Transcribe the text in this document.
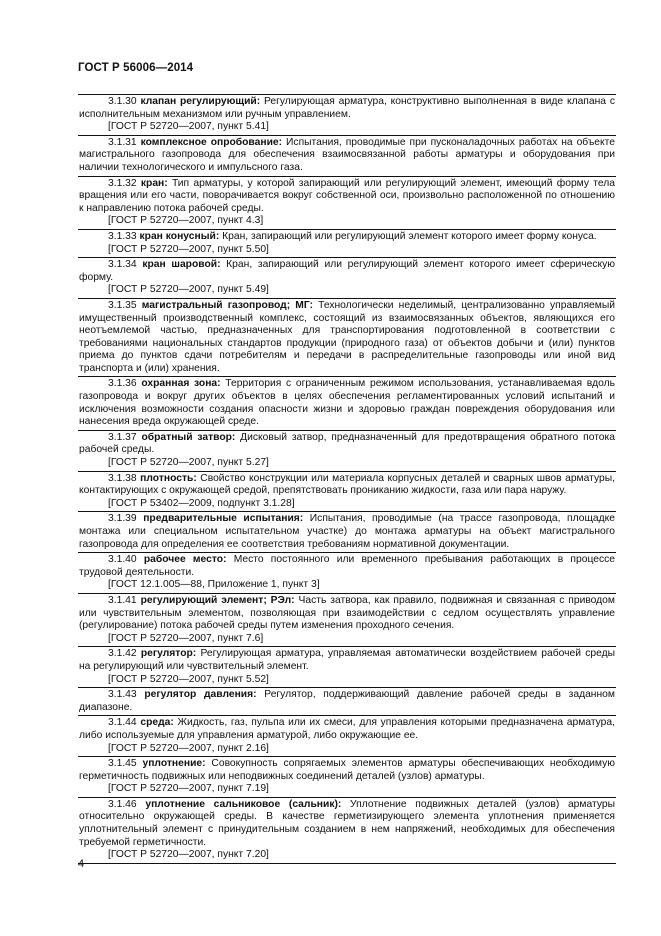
ГОСТ Р 56006—2014

3.1.30 клапан регулирующий: Регулирующая арматура, конструктивно выполненная в виде клапана с исполнительным механизмом или ручным управлением.

[ГОСТ Р 52720—2007, пункт 5.41]

3.1.31 комплексное опробование: Испытания, проводимые при пусконаладочных работах на объекте магистрального газопровода для обеспечения взаимосвязанной работы арматуры и оборудования при наличии технологического и импульсного газа.

3.1.32 кран: Тип арматуры, у которой запирающий или регулирующий элемент, имеющий форму тела вращения или его части, поворачивается вокруг собственной оси, произвольно расположенной по отношению к направлению потока рабочей среды.

[ГОСТ Р 52720—2007, пункт 4.3]

3.1.33 кран конусный: Кран, запирающий или регулирующий элемент которого имеет форму конуса.

[ГОСТ Р 52720—2007, пункт 5.50]

3.1.34 кран шаровой: Кран, запирающий или регулирующий элемент которого имеет сферическую форму.

[ГОСТ Р 52720—2007, пункт 5.49]

3.1.35 магистральный газопровод; МГ: Технологически неделимый, централизованно управляемый имущественный производственный комплекс, состоящий из взаимосвязанных объектов, являющихся его неотъемлемой частью, предназначенных для транспортирования подготовленной в соответствии с требованиями национальных стандартов продукции (природного газа) от объектов добычи и (или) пунктов приема до пунктов сдачи потребителям и передачи в распределительные газопроводы или иной вид транспорта и (или) хранения.

3.1.36 охранная зона: Территория с ограниченным режимом использования, устанавливаемая вдоль газопровода и вокруг других объектов в целях обеспечения регламентированных условий испытаний и исключения возможности создания опасности жизни и здоровью граждан повреждения оборудования или нанесения вреда окружающей среде.

3.1.37 обратный затвор: Дисковый затвор, предназначенный для предотвращения обратного потока рабочей среды.

[ГОСТ Р 52720—2007, пункт 5.27]

3.1.38 плотность: Свойство конструкции или материала корпусных деталей и сварных швов арматуры, контактирующих с окружающей средой, препятствовать прониканию жидкости, газа или пара наружу.

[ГОСТ Р 53402—2009, подпункт 3.1.28]

3.1.39 предварительные испытания: Испытания, проводимые (на трассе газопровода, площадке монтажа или специальном испытательном участке) до монтажа арматуры на объект магистрального газопровода для определения ее соответствия требованиям нормативной документации.

3.1.40 рабочее место: Место постоянного или временного пребывания работающих в процессе трудовой деятельности.

[ГОСТ 12.1.005—88, Приложение 1, пункт 3]

3.1.41 регулирующий элемент; РЭл: Часть затвора, как правило, подвижная и связанная с приводом или чувствительным элементом, позволяющая при взаимодействии с седлом осуществлять управление (регулирование) потока рабочей среды путем изменения проходного сечения.

[ГОСТ Р 52720—2007, пункт 7.6]

3.1.42 регулятор: Регулирующая арматура, управляемая автоматически воздействием рабочей среды на регулирующий или чувствительный элемент.

[ГОСТ Р 52720—2007, пункт 5.52]

3.1.43 регулятор давления: Регулятор, поддерживающий давление рабочей среды в заданном диапазоне.

3.1.44 среда: Жидкость, газ, пульпа или их смеси, для управления которыми предназначена арматура, либо используемые для управления арматурой, либо окружающие ее.

[ГОСТ Р 52720—2007, пункт 2.16]

3.1.45 уплотнение: Совокупность сопрягаемых элементов арматуры обеспечивающих необходимую герметичность подвижных или неподвижных соединений деталей (узлов) арматуры.

[ГОСТ Р 52720—2007, пункт 7.19]

3.1.46 уплотнение сальниковое (сальник): Уплотнение подвижных деталей (узлов) арматуры относительно окружающей среды. В качестве герметизирующего элемента уплотнения применяется уплотнительный элемент с принудительным созданием в нем напряжений, необходимых для обеспечения требуемой герметичности.

[ГОСТ Р 52720—2007, пункт 7.20]

4
